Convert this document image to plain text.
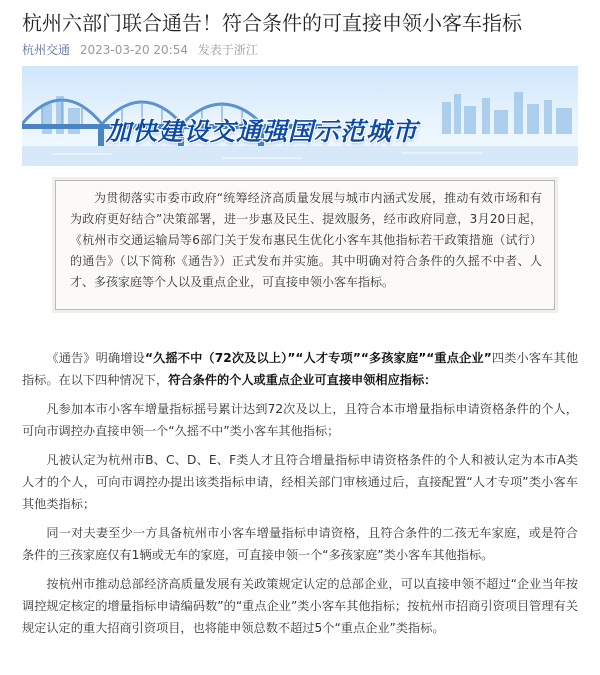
杭州六部门联合通告！符合条件的可直接申领小客车指标
杭州交通 2023-03-20 20:54 发表于浙江
加快建设交通强国示范城市

为贯彻落实市委市政府“统筹经济高质量发展与城市内涵式发展，推动有效市场和有为政府更好结合”决策部署，进一步惠及民生、提效服务，经市政府同意，3月20日起，《杭州市交通运输局等6部门关于发布惠民生优化小客车其他指标若干政策措施（试行）的通告》（以下简称《通告》）正式发布并实施。其中明确对符合条件的久摇不中者、人才、多孩家庭等个人以及重点企业，可直接申领小客车指标。

《通告》明确增设“久摇不中（72次及以上）”“人才专项”“多孩家庭”“重点企业”四类小客车其他指标。在以下四种情况下，符合条件的个人或重点企业可直接申领相应指标：

凡参加本市小客车增量指标摇号累计达到72次及以上，且符合本市增量指标申请资格条件的个人，可向市调控办直接申领一个“久摇不中”类小客车其他指标；

凡被认定为杭州市B、C、D、E、F类人才且符合增量指标申请资格条件的个人和被认定为本市A类人才的个人，可向市调控办提出该类指标申请，经相关部门审核通过后，直接配置“人才专项”类小客车其他类指标；

同一对夫妻至少一方具备杭州市小客车增量指标申请资格，且符合条件的二孩无车家庭，或是符合条件的三孩家庭仅有1辆或无车的家庭，可直接申领一个“多孩家庭”类小客车其他指标。

按杭州市推动总部经济高质量发展有关政策规定认定的总部企业，可以直接申领不超过“企业当年按调控规定核定的增量指标申请编码数”的“重点企业”类小客车其他指标；按杭州市招商引资项目管理有关规定认定的重大招商引资项目，也将能申领总数不超过5个“重点企业”类指标。
